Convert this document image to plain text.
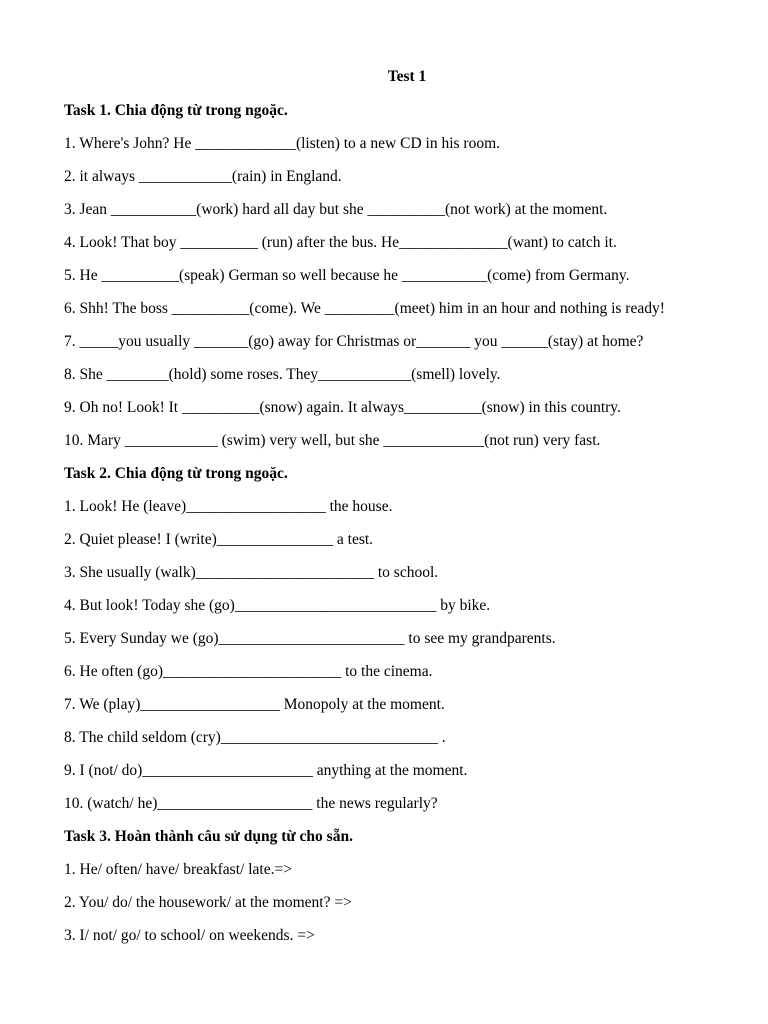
Test 1
Task 1. Chia động từ trong ngoặc.
1. Where's John? He _____________(listen) to a new CD in his room.
2. it always ____________(rain) in England.
3. Jean ___________(work) hard all day but she __________(not work) at the moment.
4. Look! That boy __________ (run) after the bus. He______________(want) to catch it.
5. He __________(speak) German so well because he ___________(come) from Germany.
6. Shh! The boss __________(come). We _________(meet) him in an hour and nothing is ready!
7. _____you usually _______(go) away for Christmas or_______ you ______(stay) at home?
8. She ________(hold) some roses. They____________(smell) lovely.
9. Oh no! Look! It __________(snow) again. It always__________(snow) in this country.
10. Mary ____________ (swim) very well, but she _____________(not run) very fast.
Task 2. Chia động từ trong ngoặc.
1. Look! He (leave)__________________ the house.
2. Quiet please! I (write)_______________ a test.
3. She usually (walk)_______________________ to school.
4. But look! Today she (go)__________________________ by bike.
5. Every Sunday we (go)________________________ to see my grandparents.
6. He often (go)_______________________ to the cinema.
7. We (play)__________________ Monopoly at the moment.
8. The child seldom (cry)____________________________ .
9. I (not/ do)______________________ anything at the moment.
10. (watch/ he)____________________ the news regularly?
Task 3. Hoàn thành câu sử dụng từ cho sẵn.
1. He/ often/ have/ breakfast/ late.=>
2. You/ do/ the housework/ at the moment? =>
3. I/ not/ go/ to school/ on weekends. =>
